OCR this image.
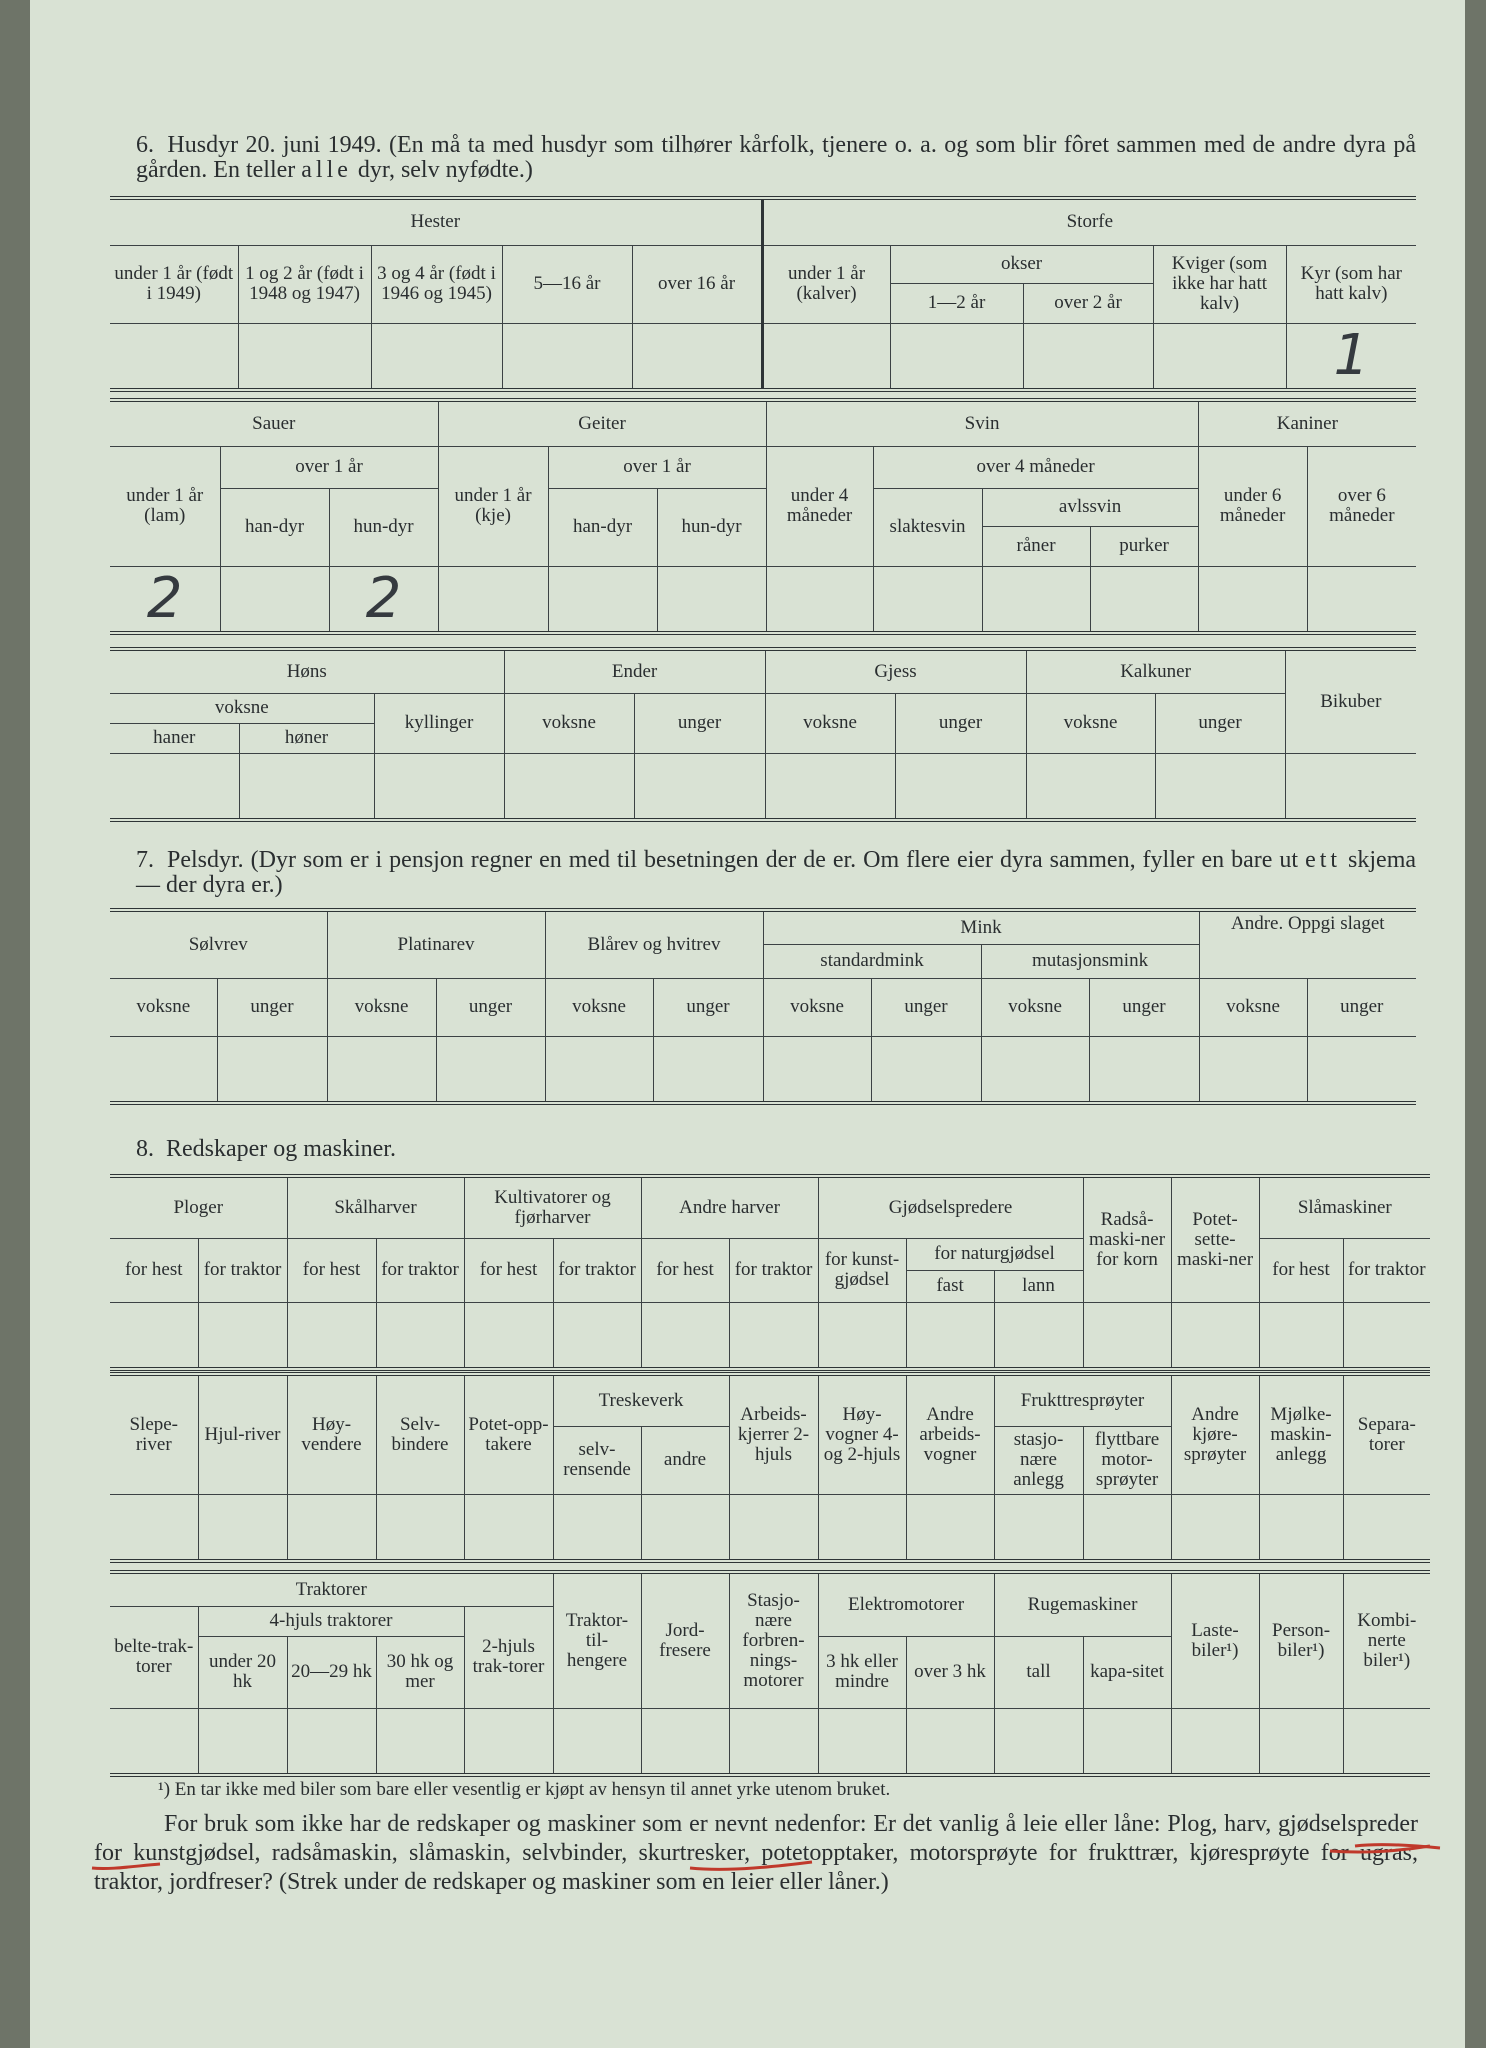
6. Husdyr 20. juni 1949. (En må ta med husdyr som tilhører kårfolk, tjenere o. a. og som blir fôret sammen med de andre dyra på gården. En teller alle dyr, selv nyfødte.)
Hester					Storfe				
under 1 år (født i 1949)	1 og 2 år (født i 1948 og 1947)	3 og 4 år (født i 1946 og 1945)	5—16 år	over 16 år	under 1 år (kalver)	okser		Kviger (som ikke har hatt kalv)	Kyr (som har hatt kalv)
						1—2 år	over 2 år		
									1
Sauer			Geiter			Svin				Kaniner	
under 1 år (lam)	over 1 år		under 1 år (kje)	over 1 år		under 4 måneder	over 4 måneder			under 6 måneder	over 6 måneder
	han-dyr	hun-dyr		han-dyr	hun-dyr		slaktesvin	avlssvin			
								råner	purker		
2		2									
Høns			Ender		Gjess		Kalkuner		Bikuber
voksne		kyllinger	voksne	unger	voksne	unger	voksne	unger	
haner	høner								

7. Pelsdyr. (Dyr som er i pensjon regner en med til besetningen der de er. Om flere eier dyra sammen, fyller en bare ut ett skjema — der dyra er.)
Sølvrev		Platinarev		Blårev og hvitrev		Mink				Andre. Oppgi slaget	
						standardmink		mutasjonsmink			
voksne	unger	voksne	unger	voksne	unger	voksne	unger	voksne	unger	voksne	unger

8. Redskaper og maskiner.
Ploger		Skålharver		Kultivatorer og fjørharver		Andre harver		Gjødselspredere			Radså-maski-ner for korn	Potet-sette-maski-ner	Slåmaskiner	
for hest	for traktor	for hest	for traktor	for hest	for traktor	for hest	for traktor	for kunst-gjødsel	for naturgjødsel				for hest	for traktor
									fast	lann				

Slepe-river	Hjul-river	Høy-vendere	Selv-bindere	Potet-opp-takere	Treskeverk		Arbeids-kjerrer 2-hjuls	Høy-vogner 4- og 2-hjuls	Andre arbeids-vogner	Frukttresprøyter		Andre kjøre-sprøyter	Mjølke-maskin-anlegg	Separa-torer
					selv-rensende	andre				stasjo-nære anlegg	flyttbare motor-sprøyter			

Traktorer					Traktor-til-hengere	Jord-fresere	Stasjo-nære forbren-nings-motorer	Elektromotorer		Rugemaskiner		Laste-biler¹)	Person-biler¹)	Kombi-nerte biler¹)
belte-trak-torer	4-hjuls traktorer			2-hjuls trak-torer										
	under 20 hk	20—29 hk	30 hk og mer					3 hk eller mindre	over 3 hk	tall	kapa-sitet			

¹) En tar ikke med biler som bare eller vesentlig er kjøpt av hensyn til annet yrke utenom bruket.
For bruk som ikke har de redskaper og maskiner som er nevnt nedenfor: Er det vanlig å leie eller låne: Plog, harv, gjødselspreder for kunstgjødsel, radsåmaskin, slåmaskin, selvbinder, skurtresker, potetopptaker, motorsprøyte for frukttrær, kjøresprøyte for ugras, traktor, jordfreser? (Strek under de redskaper og maskiner som en leier eller låner.)
